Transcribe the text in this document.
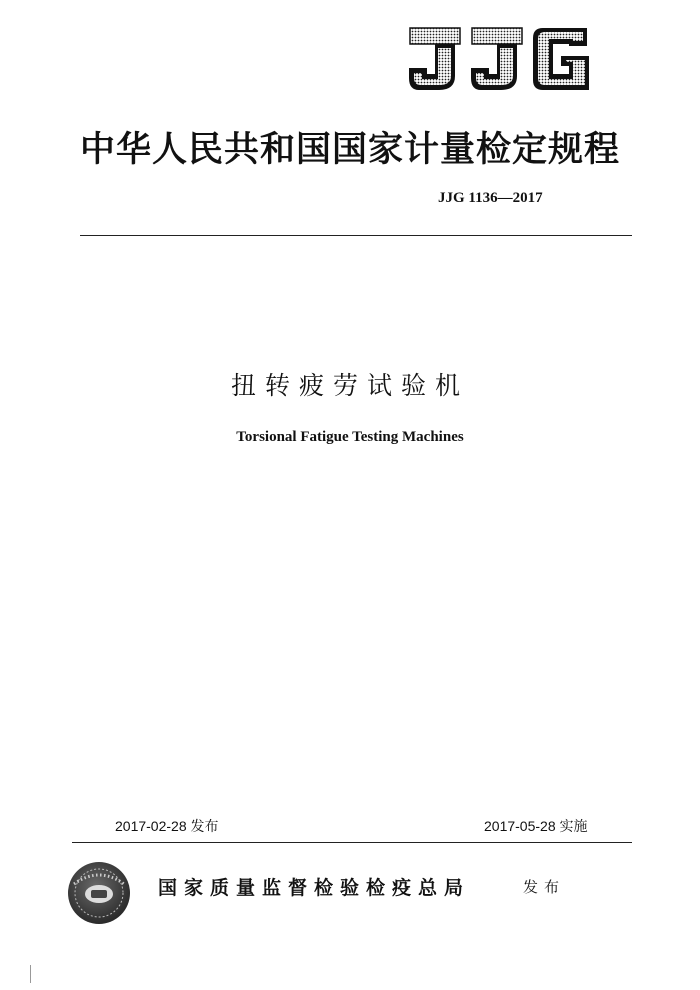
中华人民共和国国家计量检定规程
JJG 1136—2017
扭转疲劳试验机
Torsional Fatigue Testing Machines
2017-02-28 发布	2017-05-28 实施
国家质量监督检验检疫总局	发布
